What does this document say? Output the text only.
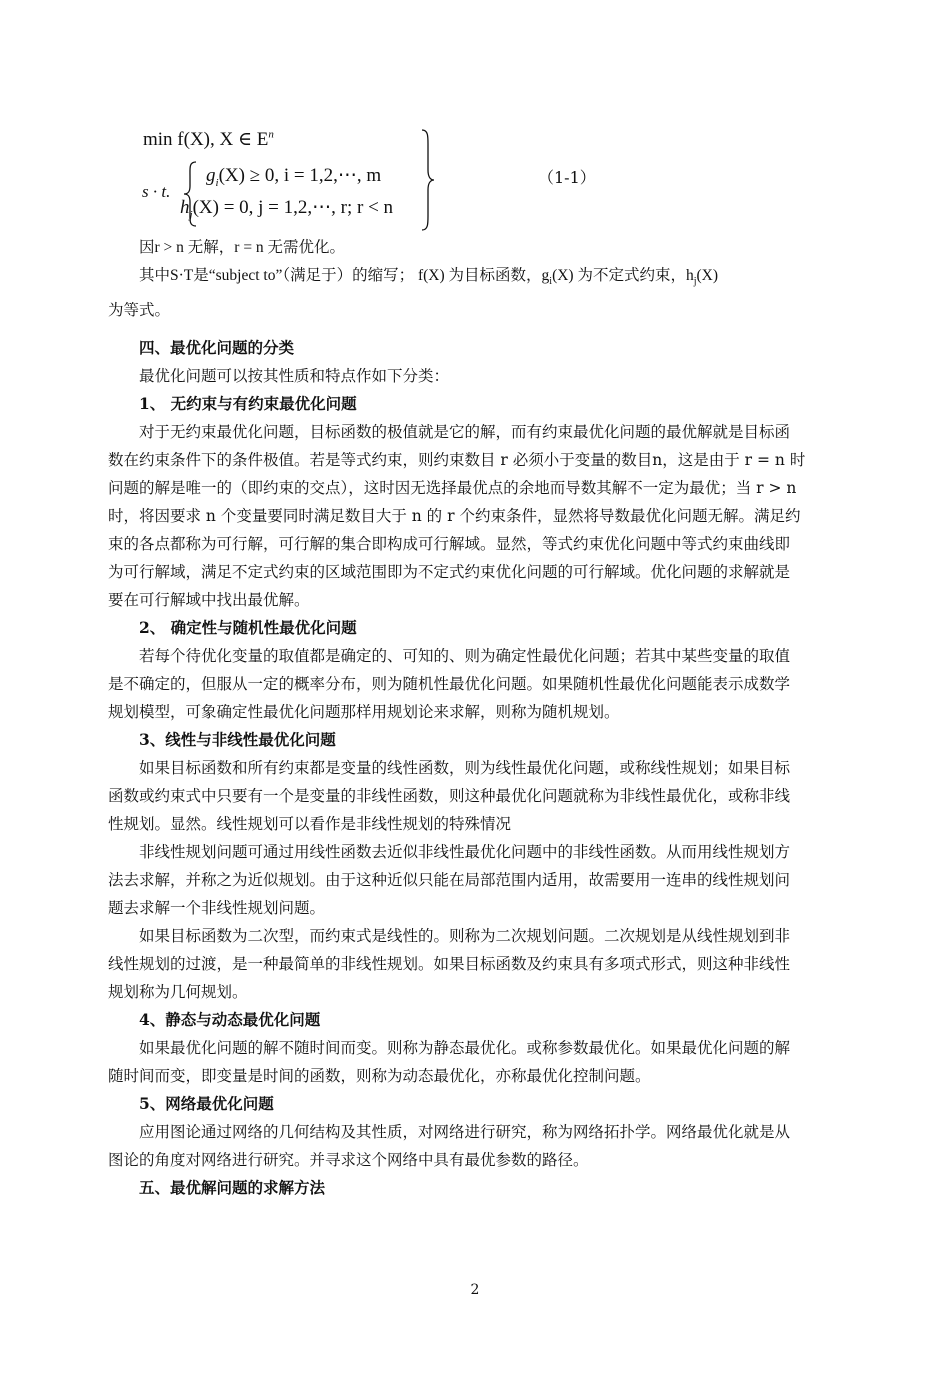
min f(X), X ∈ $E^n$
s · t.
$g_i(X) \ge 0$, i = 1,2,⋯, m
$h_j(X) = 0$, j = 1,2,⋯, r; r < n
（1-1）

因r > n 无解，r = n 无需优化。

其中S·T是“subject to”（满足于）的缩写； f(X) 为目标函数，$g_i(X)$ 为不定式约束，$h_j(X)$

为等式。

四、最优化问题的分类

最优化问题可以按其性质和特点作如下分类：

1、 无约束与有约束最优化问题

对于无约束最优化问题，目标函数的极值就是它的解，而有约束最优化问题的最优解就是目标函
数在约束条件下的条件极值。若是等式约束，则约束数目 r 必须小于变量的数目n，这是由于 r = n 时
问题的解是唯一的（即约束的交点），这时因无选择最优点的余地而导数其解不一定为最优；当 r > n
时，将因要求 n 个变量要同时满足数目大于 n 的 r 个约束条件，显然将导数最优化问题无解。满足约
束的各点都称为可行解，可行解的集合即构成可行解域。显然，等式约束优化问题中等式约束曲线即
为可行解域，满足不定式约束的区域范围即为不定式约束优化问题的可行解域。优化问题的求解就是
要在可行解域中找出最优解。

2、 确定性与随机性最优化问题

若每个待优化变量的取值都是确定的、可知的、则为确定性最优化问题；若其中某些变量的取值
是不确定的，但服从一定的概率分布，则为随机性最优化问题。如果随机性最优化问题能表示成数学
规划模型，可象确定性最优化问题那样用规划论来求解，则称为随机规划。

3、线性与非线性最优化问题

如果目标函数和所有约束都是变量的线性函数，则为线性最优化问题，或称线性规划；如果目标
函数或约束式中只要有一个是变量的非线性函数，则这种最优化问题就称为非线性最优化，或称非线
性规划。显然。线性规划可以看作是非线性规划的特殊情况

非线性规划问题可通过用线性函数去近似非线性最优化问题中的非线性函数。从而用线性规划方
法去求解，并称之为近似规划。由于这种近似只能在局部范围内适用，故需要用一连串的线性规划问
题去求解一个非线性规划问题。

如果目标函数为二次型，而约束式是线性的。则称为二次规划问题。二次规划是从线性规划到非
线性规划的过渡，是一种最简单的非线性规划。如果目标函数及约束具有多项式形式，则这种非线性
规划称为几何规划。

4、静态与动态最优化问题

如果最优化问题的解不随时间而变。则称为静态最优化。或称参数最优化。如果最优化问题的解
随时间而变，即变量是时间的函数，则称为动态最优化，亦称最优化控制问题。

5、网络最优化问题

应用图论通过网络的几何结构及其性质，对网络进行研究，称为网络拓扑学。网络最优化就是从
图论的角度对网络进行研究。并寻求这个网络中具有最优参数的路径。

五、最优解问题的求解方法

2
